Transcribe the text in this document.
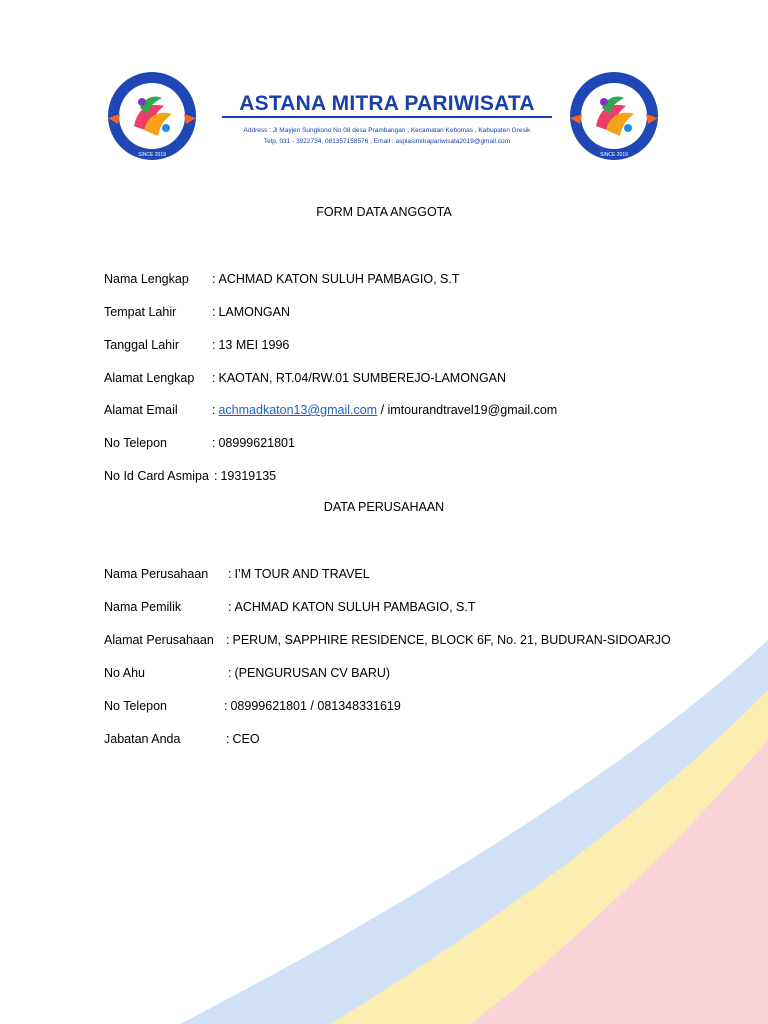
Astana Mitra Pariwisata
SINCE 2019
ASTANA MITRA PARIWISATA
Address : Jl Mayjen Sungkono No 08 desa Prambangan , Kecamatan Kebomas , Kabupaten Gresik
Telp. 031 - 3922734, 081357158576 , Email : aspiasimitrapariwisata2019@gmail.com
Astana Mitra Pariwisata
SINCE 2019
FORM DATA ANGGOTA
Nama Lengkap : ACHMAD KATON SULUH PAMBAGIO, S.T
Tempat Lahir	: LAMONGAN
Tanggal Lahir	: 13 MEI 1996
Alamat Lengkap : KAOTAN, RT.04/RW.01 SUMBEREJO-LAMONGAN
Alamat Email	: achmadkaton13@gmail.com / imtourandtravel19@gmail.com
No Telepon	: 08999621801
No Id Card Asmipa : 19319135
DATA PERUSAHAAN
Nama Perusahaan : I’M TOUR AND TRAVEL
Nama Pemilik	: ACHMAD KATON SULUH PAMBAGIO, S.T
Alamat Perusahaan : PERUM, SAPPHIRE RESIDENCE, BLOCK 6F, No. 21, BUDURAN-SIDOARJO
No Ahu	: (PENGURUSAN CV BARU)
No Telepon	: 08999621801 / 081348331619
Jabatan Anda	: CEO
